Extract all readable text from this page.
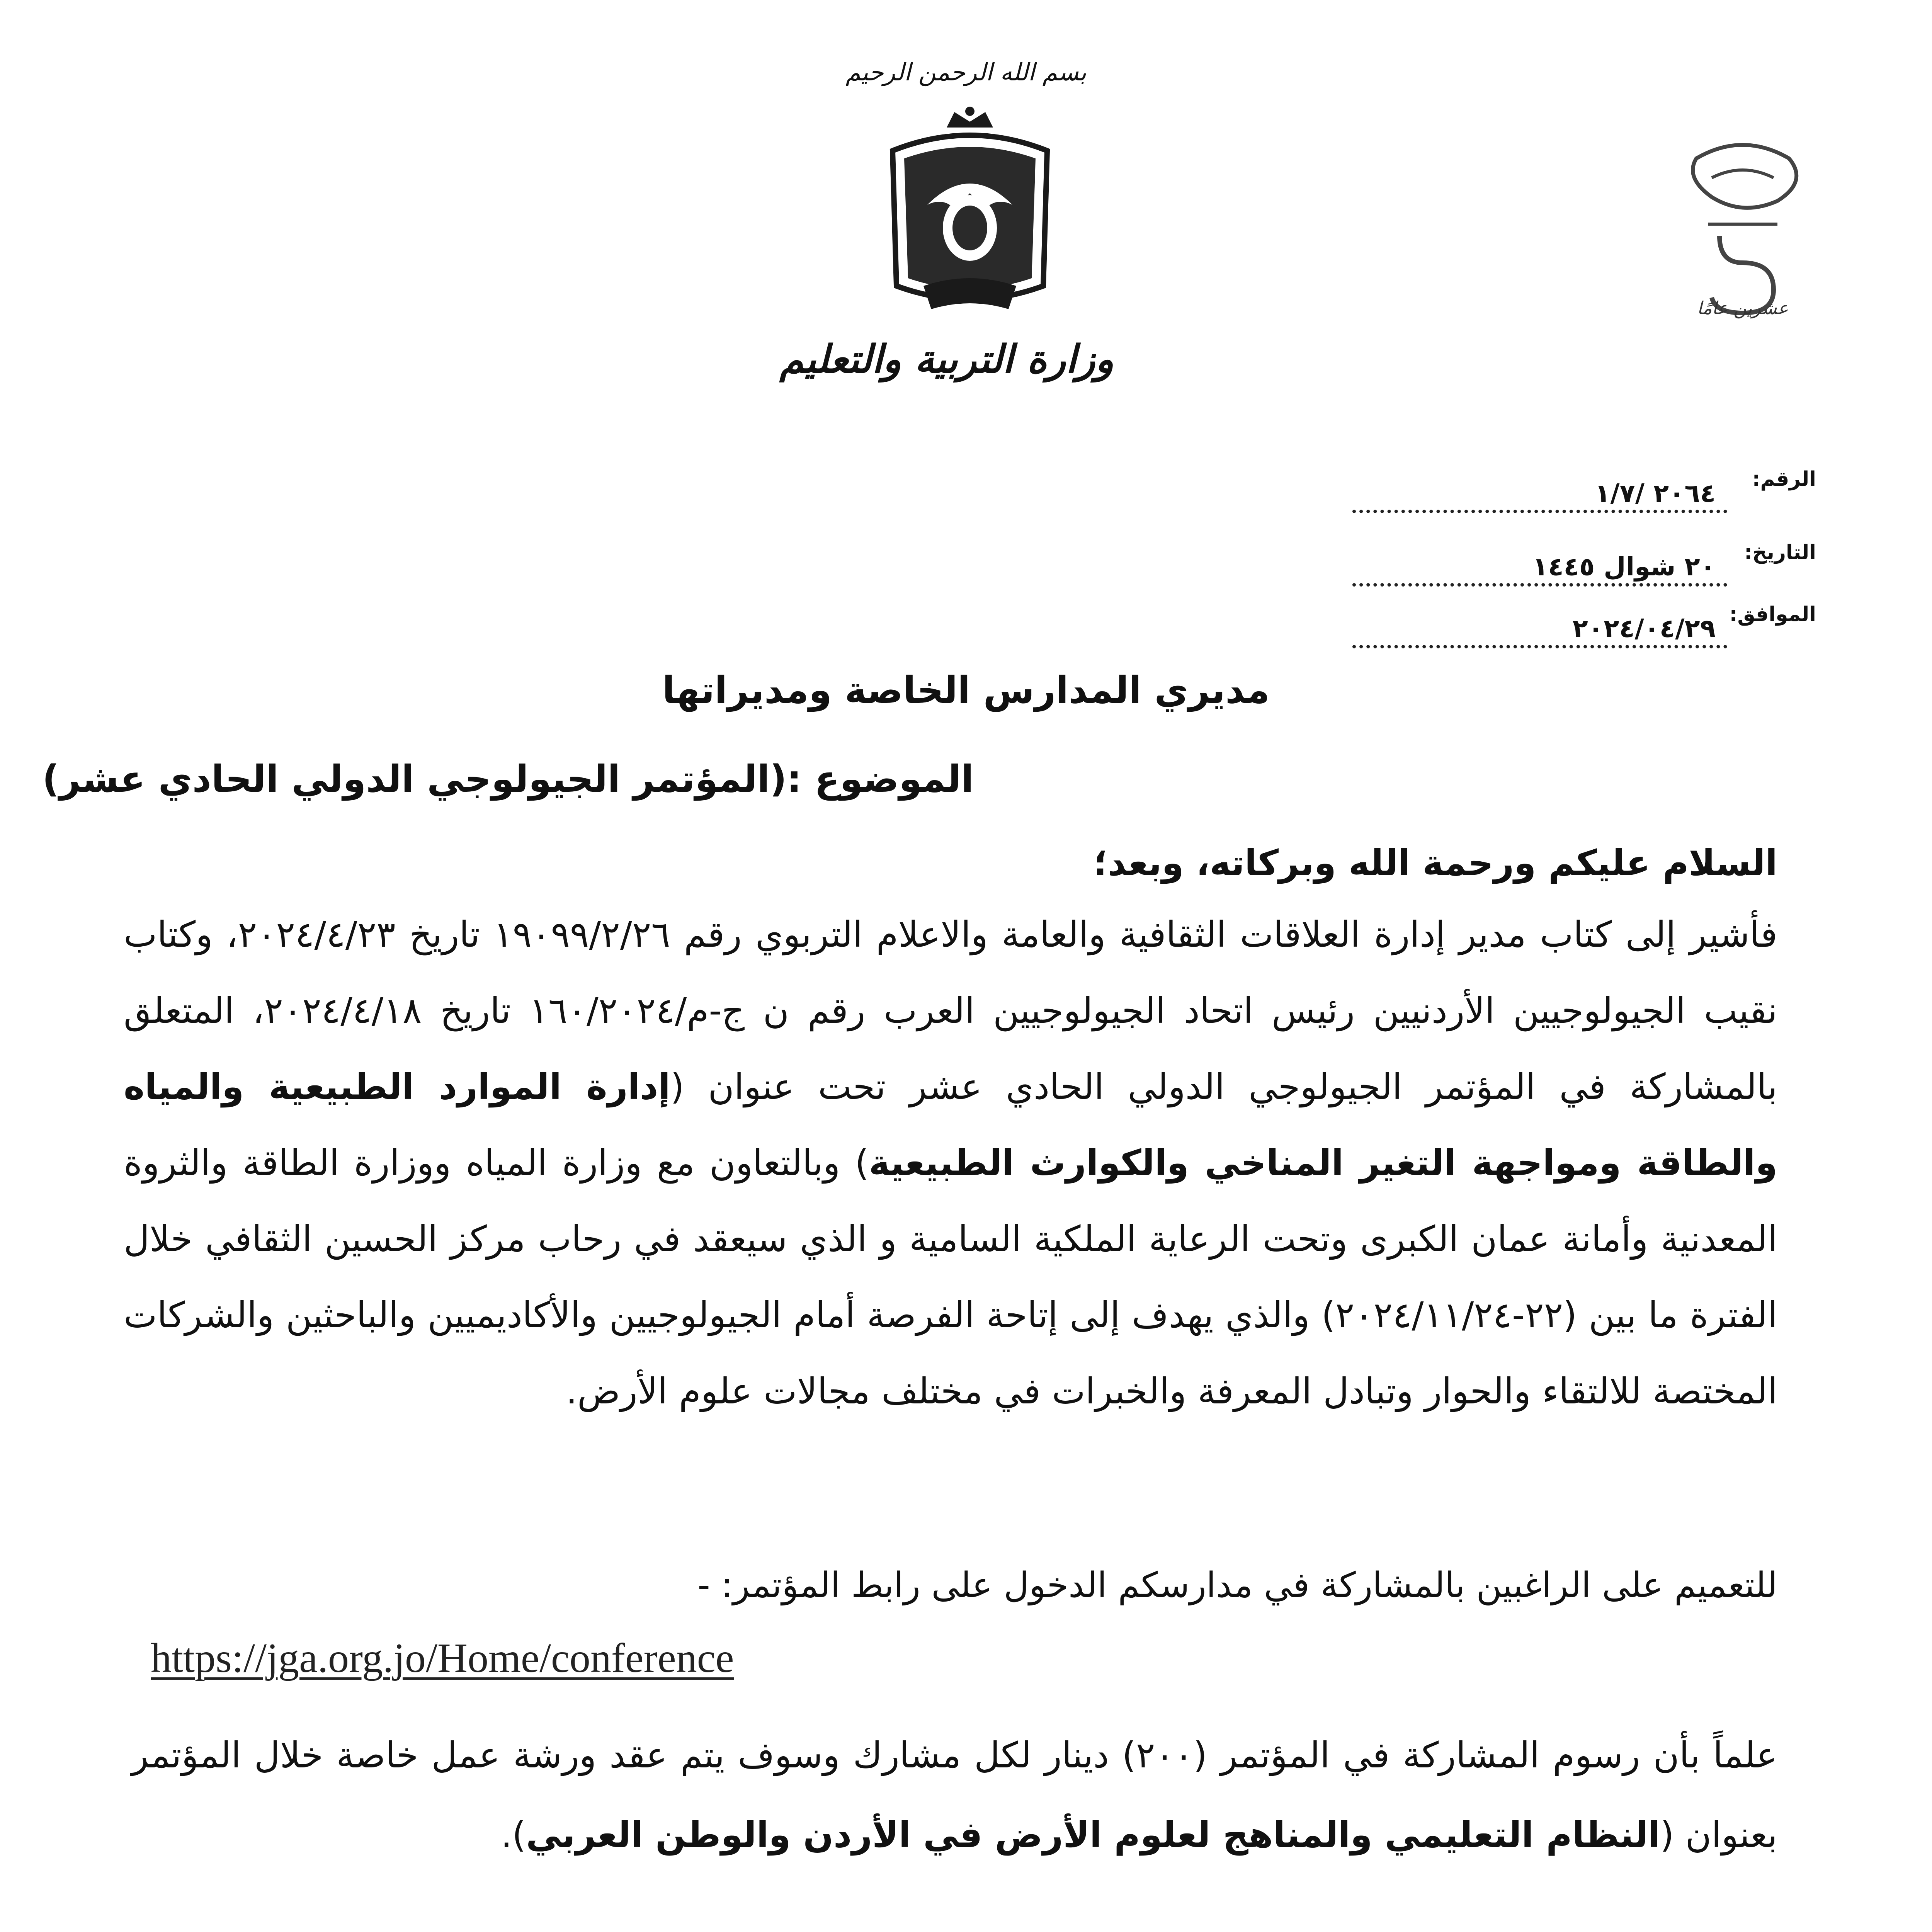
بسم الله الرحمن الرحيم
وزارة التربية والتعليم
عشرين عامًا
الرقم:
٢٠٦٤ /١/٧
التاريخ:
٢٠ شوال ١٤٤٥
الموافق:
٢٠٢٤/٠٤/٢٩
مديري المدارس الخاصة ومديراتها
الموضوع :(المؤتمر الجيولوجي الدولي الحادي عشر)
السلام عليكم ورحمة الله وبركاته، وبعد؛
فأشير إلى كتاب مدير إدارة العلاقات الثقافية والعامة والاعلام التربوي رقم ١٩٠٩٩/٢/٢٦ تاريخ ٢٠٢٤/٤/٢٣، وكتاب نقيب الجيولوجيين الأردنيين رئيس اتحاد الجيولوجيين العرب رقم ن ج-م/١٦٠/٢٠٢٤ تاريخ ٢٠٢٤/٤/١٨، المتعلق بالمشاركة في المؤتمر الجيولوجي الدولي الحادي عشر تحت عنوان (إدارة الموارد الطبيعية والمياه والطاقة ومواجهة التغير المناخي والكوارث الطبيعية) وبالتعاون مع وزارة المياه ووزارة الطاقة والثروة المعدنية وأمانة عمان الكبرى وتحت الرعاية الملكية السامية و الذي سيعقد في رحاب مركز الحسين الثقافي خلال الفترة ما بين (٢٢-٢٠٢٤/١١/٢٤) والذي يهدف إلى إتاحة الفرصة أمام الجيولوجيين والأكاديميين والباحثين والشركات المختصة للالتقاء والحوار وتبادل المعرفة والخبرات في مختلف مجالات علوم الأرض.
للتعميم على الراغبين بالمشاركة في مدارسكم الدخول على رابط المؤتمر: -
https://jga.org.jo/Home/conference
علماً بأن رسوم المشاركة في المؤتمر (٢٠٠) دينار لكل مشارك وسوف يتم عقد ورشة عمل خاصة خلال المؤتمر بعنوان (النظام التعليمي والمناهج لعلوم الأرض في الأردن والوطن العربي).
